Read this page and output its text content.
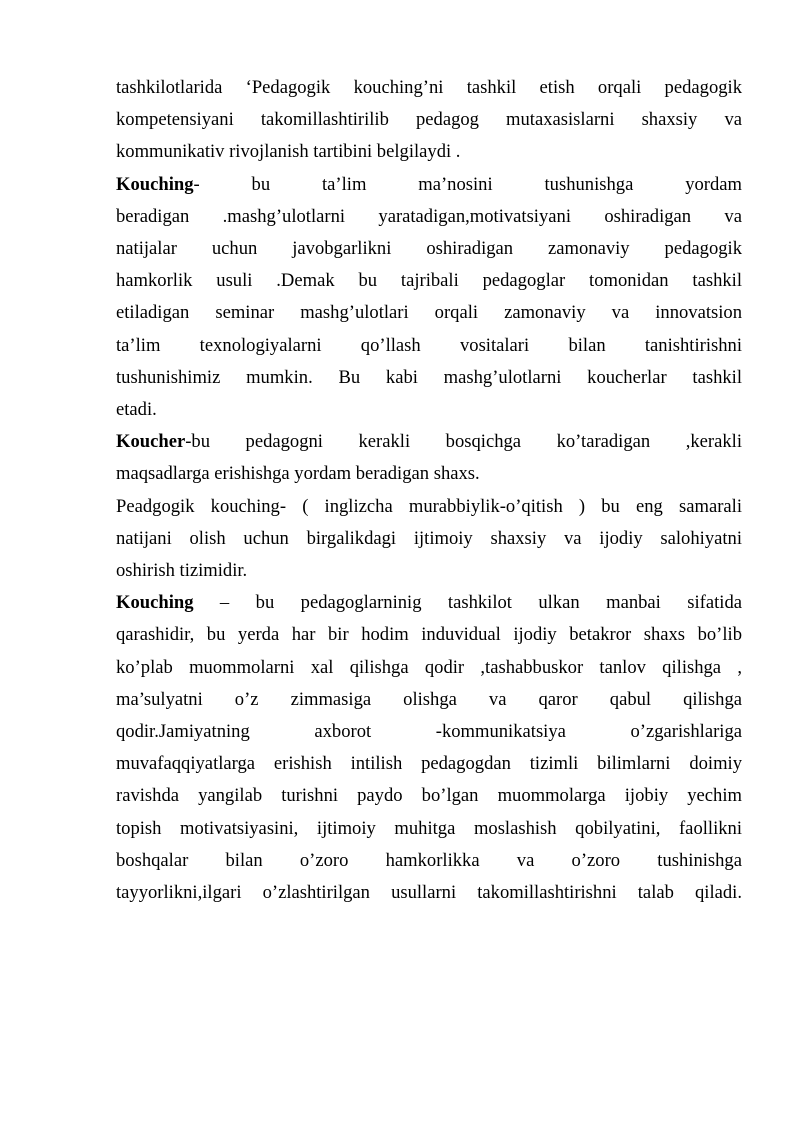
tashkilotlarida ‘Pedagogik kouching’ni tashkil etish orqali pedagogik
kompetensiyani takomillashtirilib pedagog mutaxasislarni shaxsiy va
kommunikativ rivojlanish tartibini belgilaydi .
Kouching- bu ta’lim ma’nosini tushunishga yordam
beradigan .mashg’ulotlarni yaratadigan,motivatsiyani oshiradigan va
natijalar uchun javobgarlikni oshiradigan zamonaviy pedagogik
hamkorlik usuli .Demak bu tajribali pedagoglar tomonidan tashkil
etiladigan seminar mashg’ulotlari orqali zamonaviy va innovatsion
ta’lim texnologiyalarni qo’llash vositalari bilan tanishtirishni
tushunishimiz mumkin. Bu kabi mashg’ulotlarni koucherlar tashkil
etadi.
Koucher-bu pedagogni kerakli bosqichga ko’taradigan ,kerakli
maqsadlarga erishishga yordam beradigan shaxs.
Peadgogik kouching- ( inglizcha murabbiylik-o’qitish ) bu eng samarali
natijani olish uchun birgalikdagi ijtimoiy shaxsiy va ijodiy salohiyatni
oshirish tizimidir.
Kouching – bu pedagoglarninig tashkilot ulkan manbai sifatida
qarashidir, bu yerda har bir hodim induvidual ijodiy betakror shaxs bo’lib
ko’plab muommolarni xal qilishga qodir ,tashabbuskor tanlov qilishga ,
ma’sulyatni o’z zimmasiga olishga va qaror qabul qilishga
qodir.Jamiyatning axborot -kommunikatsiya o’zgarishlariga
muvafaqqiyatlarga erishish intilish pedagogdan tizimli bilimlarni doimiy
ravishda yangilab turishni paydo bo’lgan muommolarga ijobiy yechim
topish motivatsiyasini, ijtimoiy muhitga moslashish qobilyatini, faollikni
boshqalar bilan o’zoro hamkorlikka va o’zoro tushinishga
tayyorlikni,ilgari o’zlashtirilgan usullarni takomillashtirishni talab qiladi.
